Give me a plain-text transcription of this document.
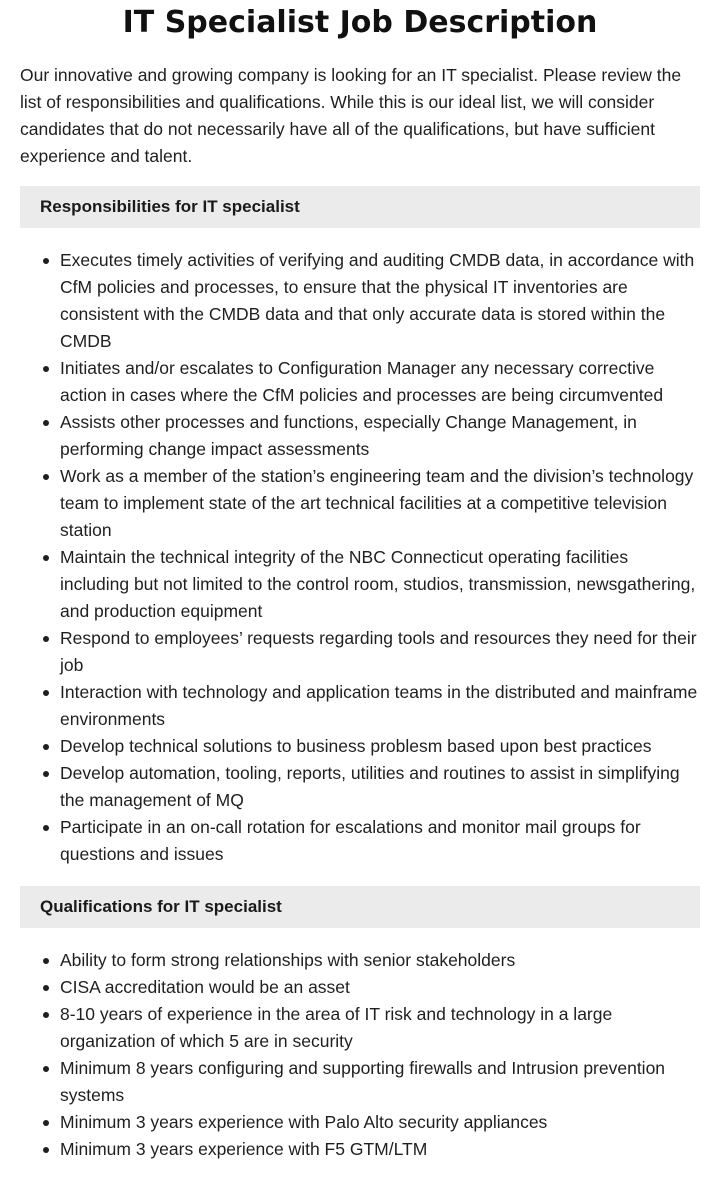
IT Specialist Job Description

Our innovative and growing company is looking for an IT specialist. Please review the list of responsibilities and qualifications. While this is our ideal list, we will consider candidates that do not necessarily have all of the qualifications, but have sufficient experience and talent.

Responsibilities for IT specialist
Executes timely activities of verifying and auditing CMDB data, in accordance with CfM policies and processes, to ensure that the physical IT inventories are consistent with the CMDB data and that only accurate data is stored within the CMDB
Initiates and/or escalates to Configuration Manager any necessary corrective action in cases where the CfM policies and processes are being circumvented
Assists other processes and functions, especially Change Management, in performing change impact assessments
Work as a member of the station’s engineering team and the division’s technology team to implement state of the art technical facilities at a competitive television station
Maintain the technical integrity of the NBC Connecticut operating facilities including but not limited to the control room, studios, transmission, newsgathering, and production equipment
Respond to employees’ requests regarding tools and resources they need for their job
Interaction with technology and application teams in the distributed and mainframe environments
Develop technical solutions to business problesm based upon best practices
Develop automation, tooling, reports, utilities and routines to assist in simplifying the management of MQ
Participate in an on-call rotation for escalations and monitor mail groups for questions and issues
Qualifications for IT specialist
Ability to form strong relationships with senior stakeholders
CISA accreditation would be an asset
8-10 years of experience in the area of IT risk and technology in a large organization of which 5 are in security
Minimum 8 years configuring and supporting firewalls and Intrusion prevention systems
Minimum 3 years experience with Palo Alto security appliances
Minimum 3 years experience with F5 GTM/LTM
